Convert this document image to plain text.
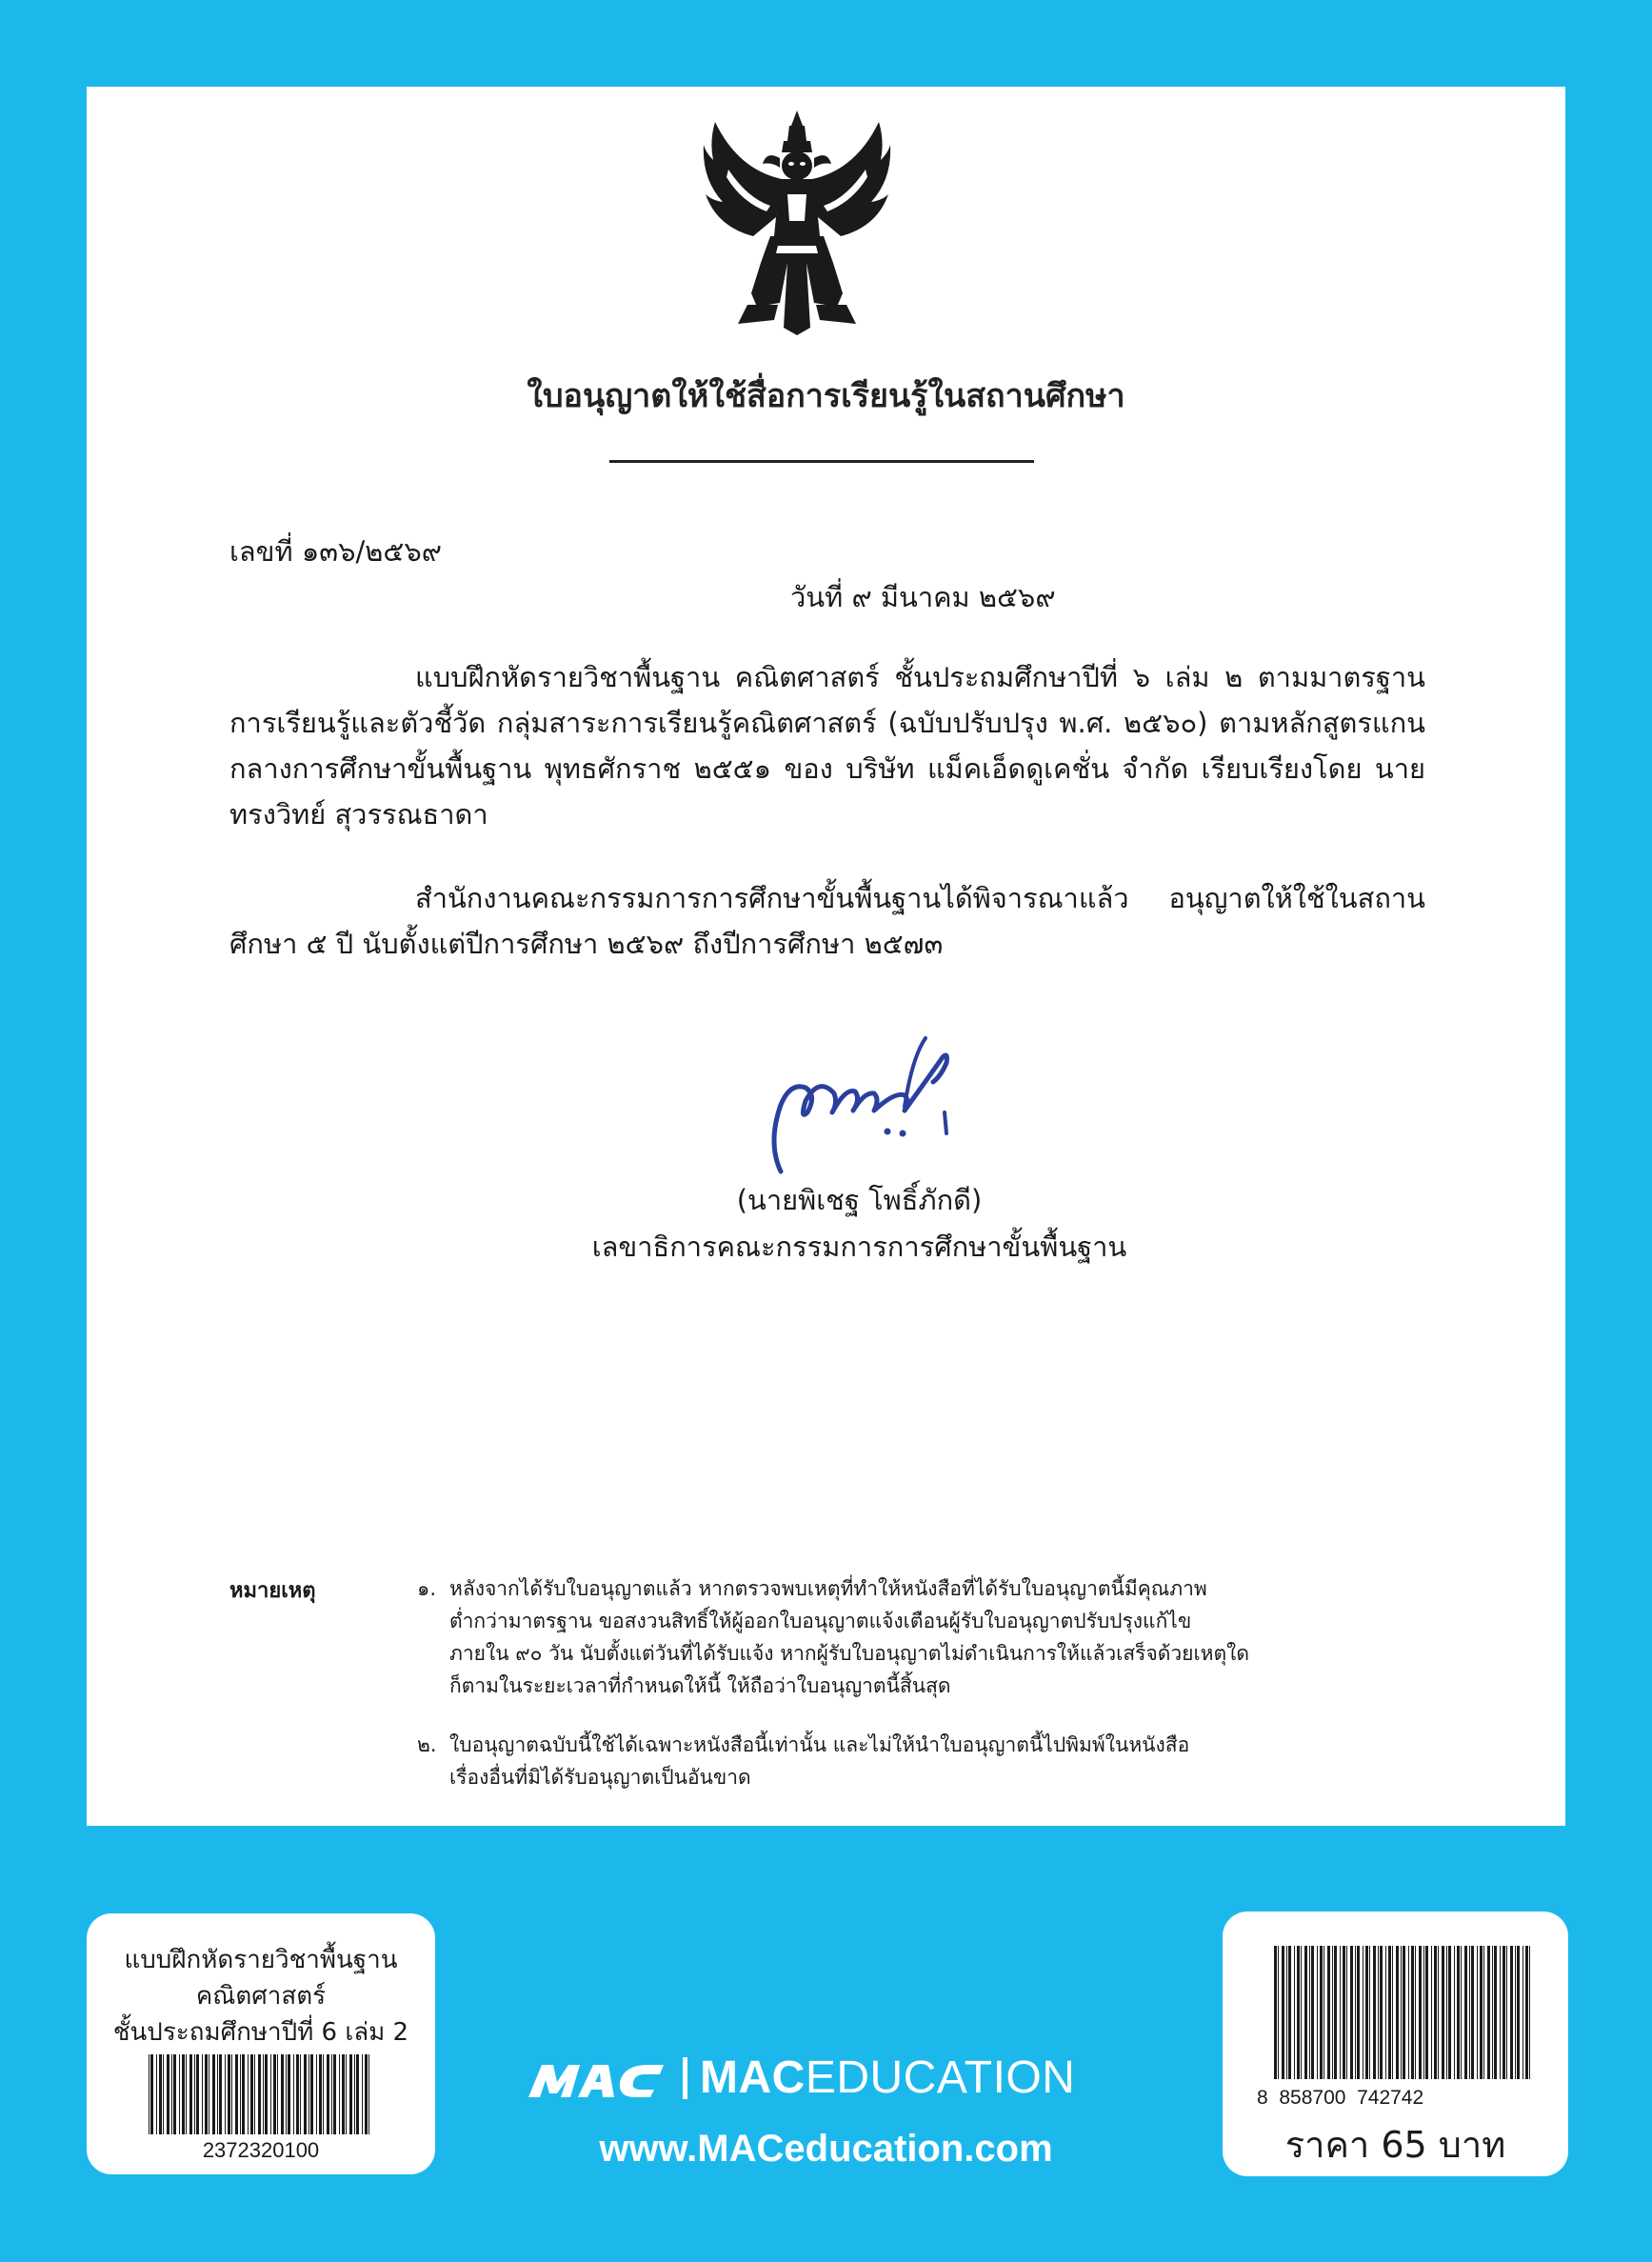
ใบอนุญาตให้ใช้สื่อการเรียนรู้ในสถานศึกษา
เลขที่ ๑๓๖/๒๕๖๙
วันที่ ๙ มีนาคม ๒๕๖๙
แบบฝึกหัดรายวิชาพื้นฐาน คณิตศาสตร์ ชั้นประถมศึกษาปีที่ ๖ เล่ม ๒ ตามมาตรฐานการเรียนรู้และตัวชี้วัด กลุ่มสาระการเรียนรู้คณิตศาสตร์ (ฉบับปรับปรุง พ.ศ. ๒๕๖๐) ตามหลักสูตรแกนกลางการศึกษาขั้นพื้นฐาน พุทธศักราช ๒๕๕๑ ของ บริษัท แม็คเอ็ดดูเคชั่น จำกัด เรียบเรียงโดย นายทรงวิทย์ สุวรรณธาดา
สำนักงานคณะกรรมการการศึกษาขั้นพื้นฐานได้พิจารณาแล้ว อนุญาตให้ใช้ในสถานศึกษา ๕ ปี นับตั้งแต่ปีการศึกษา ๒๕๖๙ ถึงปีการศึกษา ๒๕๗๓
(นายพิเชฐ โพธิ์ภักดี)
เลขาธิการคณะกรรมการการศึกษาขั้นพื้นฐาน
หมายเหตุ	๑. หลังจากได้รับใบอนุญาตแล้ว หากตรวจพบเหตุที่ทำให้หนังสือที่ได้รับใบอนุญาตนี้มีคุณภาพ
ต่ำกว่ามาตรฐาน ขอสงวนสิทธิ์ให้ผู้ออกใบอนุญาตแจ้งเตือนผู้รับใบอนุญาตปรับปรุงแก้ไข
ภายใน ๙๐ วัน นับตั้งแต่วันที่ได้รับแจ้ง หากผู้รับใบอนุญาตไม่ดำเนินการให้แล้วเสร็จด้วยเหตุใด
ก็ตามในระยะเวลาที่กำหนดให้นี้ ให้ถือว่าใบอนุญาตนี้สิ้นสุด
๒. ใบอนุญาตฉบับนี้ใช้ได้เฉพาะหนังสือนี้เท่านั้น และไม่ให้นำใบอนุญาตนี้ไปพิมพ์ในหนังสือ
เรื่องอื่นที่มิได้รับอนุญาตเป็นอันขาด
แบบฝึกหัดรายวิชาพื้นฐาน
คณิตศาสตร์
ชั้นประถมศึกษาปีที่ 6 เล่ม 2
2372320100
8  858700  742742
ราคา 65 บาท
MACEDUCATION
www.MACeducation.com
